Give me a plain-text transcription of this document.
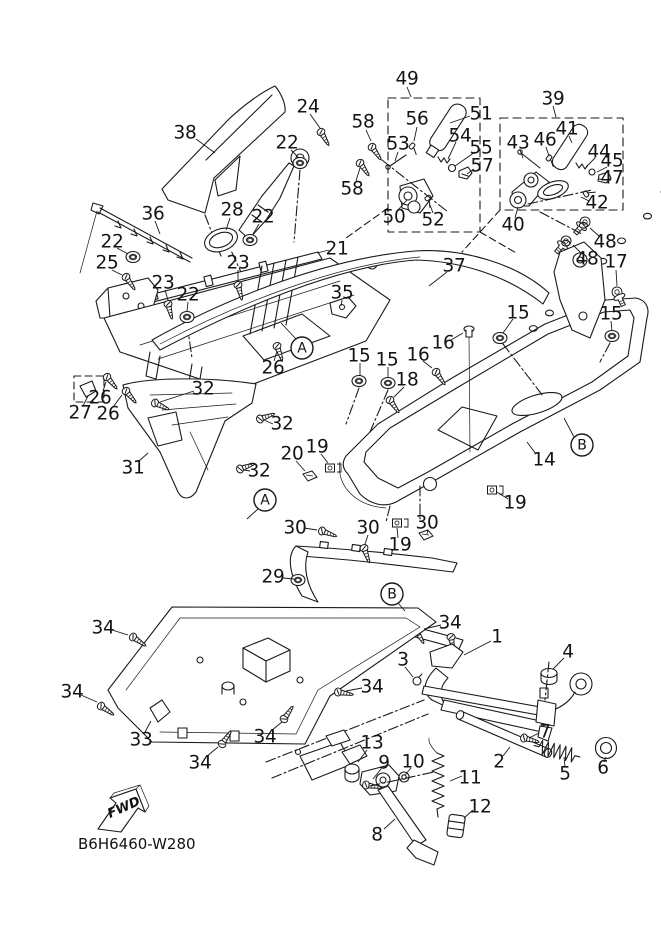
38
24
22
58
58
49
56 51
53 54
55
57
50 52
39
41
43 46
44
45
47
42
40
48
48 17
36	28 22
21
22
25
23
22
23
35
37
15 15 16
16
18
15	15
26
27
26
26
32
32
32
31
20 19
14
19
30	30 30
19
29
34
34
34	34
33
34
34
1
3	4
7
2
5 6
13
9 10
11
12
8
A
A
B
B
FWD
B6H6460-W280
